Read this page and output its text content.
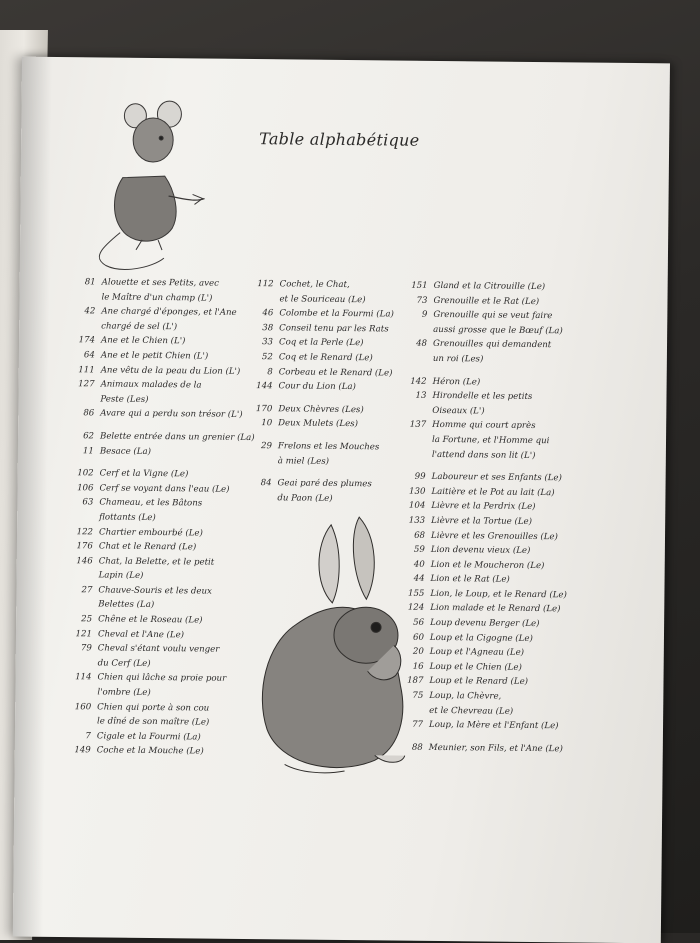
Table alphabétique
81 Alouette et ses Petits, avec
le Maître d'un champ (L')
42 Ane chargé d'éponges, et l'Ane
chargé de sel (L')
174 Ane et le Chien (L')
64 Ane et le petit Chien (L')
111 Ane vêtu de la peau du Lion (L')
127 Animaux malades de la
Peste (Les)
86 Avare qui a perdu son trésor (L')
62 Belette entrée dans un grenier (La)
11 Besace (La)
102 Cerf et la Vigne (Le)
106 Cerf se voyant dans l'eau (Le)
63 Chameau, et les Bâtons
flottants (Le)
122 Chartier embourbé (Le)
176 Chat et le Renard (Le)
146 Chat, la Belette, et le petit
Lapin (Le)
27 Chauve-Souris et les deux
Belettes (La)
25 Chêne et le Roseau (Le)
121 Cheval et l'Ane (Le)
79 Cheval s'étant voulu venger
du Cerf (Le)
114 Chien qui lâche sa proie pour
l'ombre (Le)
160 Chien qui porte à son cou
le dîné de son maître (Le)
7 Cigale et la Fourmi (La)
149 Coche et la Mouche (Le)
112 Cochet, le Chat,
et le Souriceau (Le)
46 Colombe et la Fourmi (La)
38 Conseil tenu par les Rats
33 Coq et la Perle (Le)
52 Coq et le Renard (Le)
8 Corbeau et le Renard (Le)
144 Cour du Lion (La)
170 Deux Chèvres (Les)
10 Deux Mulets (Les)
29 Frelons et les Mouches
à miel (Les)
84 Geai paré des plumes
du Paon (Le)
151 Gland et la Citrouille (Le)
73 Grenouille et le Rat (Le)
9 Grenouille qui se veut faire
aussi grosse que le Bœuf (La)
48 Grenouilles qui demandent
un roi (Les)
142 Héron (Le)
13 Hirondelle et les petits
Oiseaux (L')
137 Homme qui court après
la Fortune, et l'Homme qui
l'attend dans son lit (L')
99 Laboureur et ses Enfants (Le)
130 Laitière et le Pot au lait (La)
104 Lièvre et la Perdrix (Le)
133 Lièvre et la Tortue (Le)
68 Lièvre et les Grenouilles (Le)
59 Lion devenu vieux (Le)
40 Lion et le Moucheron (Le)
44 Lion et le Rat (Le)
155 Lion, le Loup, et le Renard (Le)
124 Lion malade et le Renard (Le)
56 Loup devenu Berger (Le)
60 Loup et la Cigogne (Le)
20 Loup et l'Agneau (Le)
16 Loup et le Chien (Le)
187 Loup et le Renard (Le)
75 Loup, la Chèvre,
et le Chevreau (Le)
77 Loup, la Mère et l'Enfant (Le)
88 Meunier, son Fils, et l'Ane (Le)
